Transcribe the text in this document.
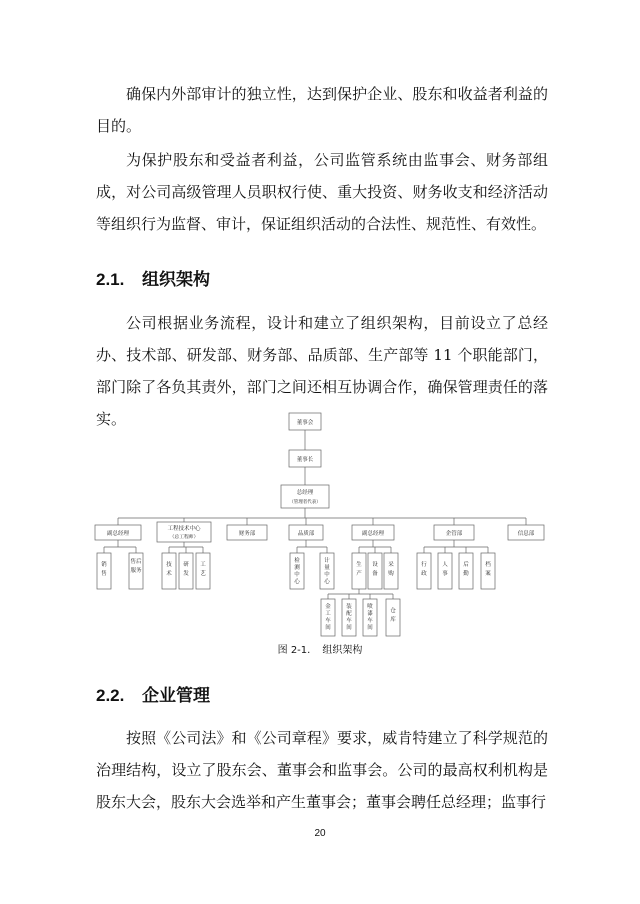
确保内外部审计的独立性，达到保护企业、股东和收益者利益的目的。

为保护股东和受益者利益，公司监管系统由监事会、财务部组成，对公司高级管理人员职权行使、重大投资、财务收支和经济活动等组织行为监督、审计，保证组织活动的合法性、规范性、有效性。

2.1. 组织架构

公司根据业务流程，设计和建立了组织架构，目前设立了总经办、技术部、研发部、财务部、品质部、生产部等 11 个职能部门，部门除了各负其责外，部门之间还相互协调合作，确保管理责任的落实。	董事会
董事长
总经理
（管理者代表）
副总经理
工程技术中心
（总工程师）
财务部	品质部	副总经理	企管部	信息部
销售
售后服务
技术
研发
工艺
检测中心
计量中心
生产
设备
采购
金工车间
装配车间
喷漆车间
仓库
行政
人事
后勤
档案
图 2-1. 组织架构
2.2. 企业管理

按照《公司法》和《公司章程》要求，威肯特建立了科学规范的治理结构，设立了股东会、董事会和监事会。公司的最高权利机构是股东大会，股东大会选举和产生董事会；董事会聘任总经理；监事行

20
